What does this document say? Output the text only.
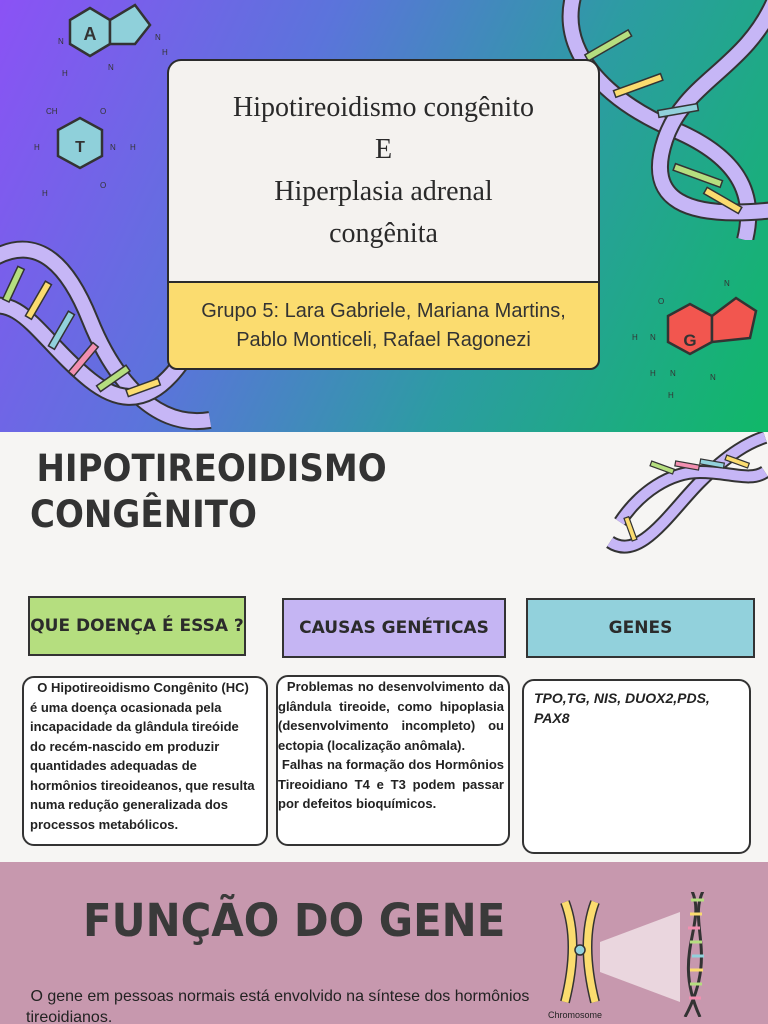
A
N
H
N
N
H
T
CH	O
H	N H
H
O
G
O
N
H N
H N
H
N
Hipotireoidismo congênito
E
Hiperplasia adrenal
congênita
Grupo 5: Lara Gabriele, Mariana Martins,
Pablo Monticeli, Rafael Ragonezi
HIPOTIREOIDISMO
CONGÊNITO
QUE DOENÇA É ESSA ?	CAUSAS GENÉTICAS	GENES
O Hipotireoidismo Congênito (HC) é uma doença ocasionada pela incapacidade da glândula tireóide do recém-nascido em produzir quantidades adequadas de hormônios tireoideanos, que resulta numa redução generalizada dos processos metabólicos.
Problemas no desenvolvimento da glândula tireoide, como hipoplasia (desenvolvimento incompleto) ou ectopia (localização anômala).
Falhas na formação dos Hormônios Tireoidiano T4 e T3 podem passar por defeitos bioquímicos.
TPO,TG, NIS, DUOX2,PDS, PAX8
FUNÇÃO DO GENE
O gene em pessoas normais está envolvido na síntese dos hormônios tireoidianos.	Chromosome
